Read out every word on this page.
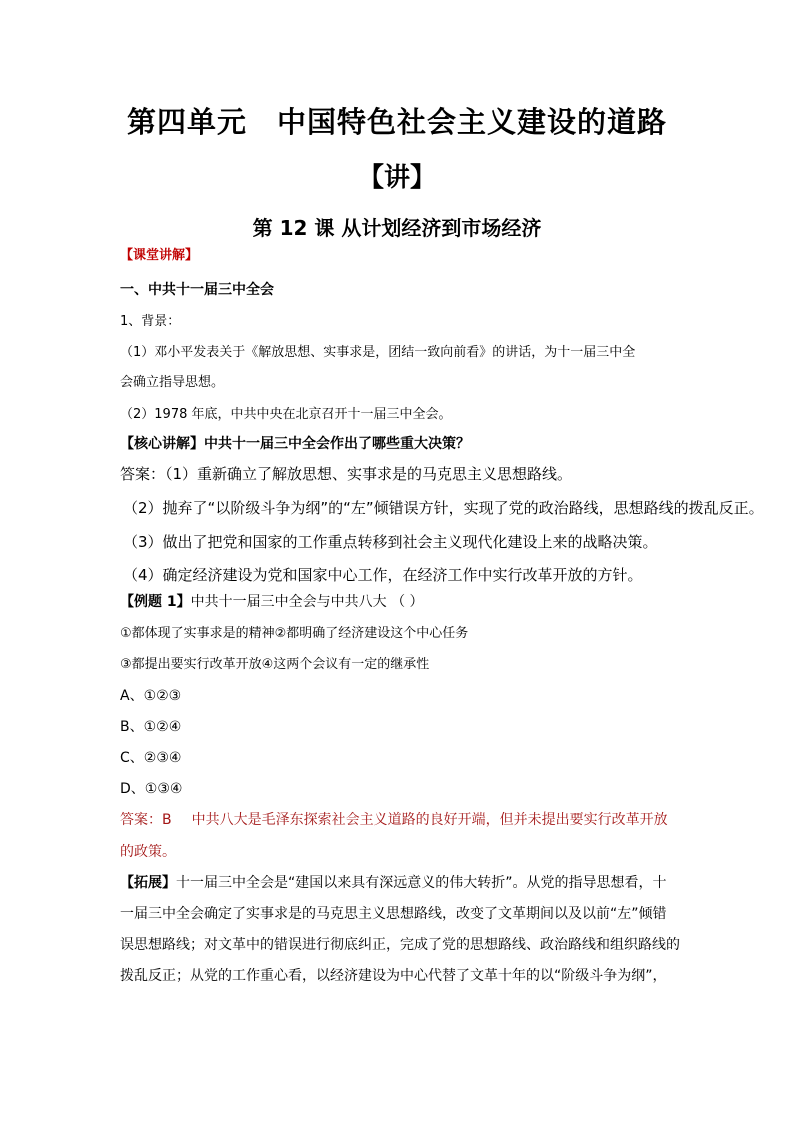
第四单元 中国特色社会主义建设的道路
【讲】
第 12 课 从计划经济到市场经济
【课堂讲解】
一、中共十一届三中全会
1、背景：
（1）邓小平发表关于《解放思想、实事求是，团结一致向前看》的讲话，为十一届三中全
会确立指导思想。
（2）1978 年底，中共中央在北京召开十一届三中全会。
【核心讲解】中共十一届三中全会作出了哪些重大决策？
答案：（1）重新确立了解放思想、实事求是的马克思主义思想路线。
（2）抛弃了“以阶级斗争为纲”的“左”倾错误方针，实现了党的政治路线，思想路线的拨乱反正。
（3）做出了把党和国家的工作重点转移到社会主义现代化建设上来的战略决策。
（4）确定经济建设为党和国家中心工作，在经济工作中实行改革开放的方针。
【例题 1】中共十一届三中全会与中共八大 （ ）
①都体现了实事求是的精神②都明确了经济建设这个中心任务
③都提出要实行改革开放④这两个会议有一定的继承性
A、①②③
B、①②④
C、②③④
D、①③④
答案：B 中共八大是毛泽东探索社会主义道路的良好开端，但并未提出要实行改革开放
的政策。
【拓展】十一届三中全会是“建国以来具有深远意义的伟大转折”。从党的指导思想看，十
一届三中全会确定了实事求是的马克思主义思想路线，改变了文革期间以及以前“左”倾错
误思想路线；对文革中的错误进行彻底纠正，完成了党的思想路线、政治路线和组织路线的
拨乱反正；从党的工作重心看，以经济建设为中心代替了文革十年的以“阶级斗争为纲”，
